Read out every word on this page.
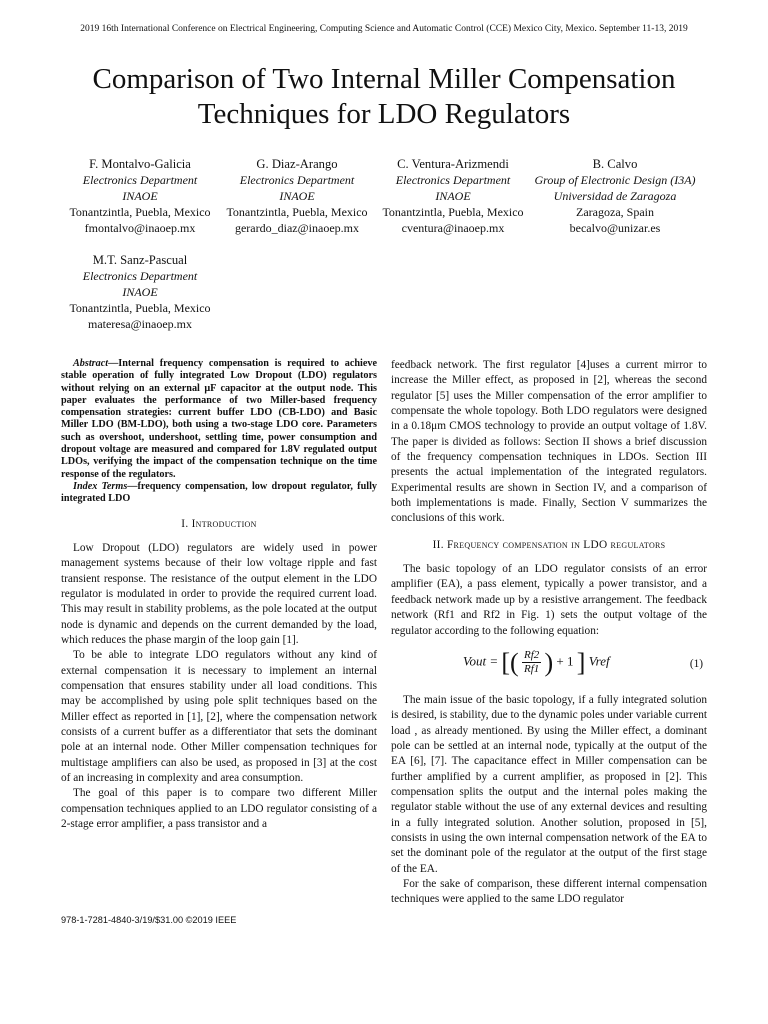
2019 16th International Conference on Electrical Engineering, Computing Science and Automatic Control (CCE) Mexico City, Mexico. September 11-13, 2019
Comparison of Two Internal Miller Compensation
Techniques for LDO Regulators
F. Montalvo-Galicia
Electronics Department
INAOE
Tonantzintla, Puebla, Mexico
fmontalvo@inaoep.mx
G. Diaz-Arango
Electronics Department
INAOE
Tonantzintla, Puebla, Mexico
gerardo_diaz@inaoep.mx
C. Ventura-Arizmendi
Electronics Department
INAOE
Tonantzintla, Puebla, Mexico
cventura@inaoep.mx
B. Calvo
Group of Electronic Design (I3A)
Universidad de Zaragoza
Zaragoza, Spain
becalvo@unizar.es
M.T. Sanz-Pascual
Electronics Department
INAOE
Tonantzintla, Puebla, Mexico
materesa@inaoep.mx

Abstract—Internal frequency compensation is required to achieve stable operation of fully integrated Low Dropout (LDO) regulators without relying on an external μF capacitor at the output node. This paper evaluates the performance of two Miller-based frequency compensation strategies: current buffer LDO (CB-LDO) and Basic Miller LDO (BM-LDO), both using a two-stage LDO core. Parameters such as overshoot, undershoot, settling time, power consumption and dropout voltage are measured and compared for 1.8V regulated output LDOs, verifying the impact of the compensation technique on the time response of the regulators.

Index Terms—frequency compensation, low dropout regulator, fully integrated LDO

I. Introduction

Low Dropout (LDO) regulators are widely used in power management systems because of their low voltage ripple and fast transient response. The resistance of the output element in the LDO regulator is modulated in order to provide the required current load. This may result in stability problems, as the pole located at the output node is dynamic and depends on the current demanded by the load, which reduces the phase margin of the loop gain [1].

To be able to integrate LDO regulators without any kind of external compensation it is necessary to implement an internal compensation that ensures stability under all load conditions. This may be accomplished by using pole split techniques based on the Miller effect as reported in [1], [2], where the compensation network consists of a current buffer as a differentiator that sets the dominant pole at an internal node. Other Miller compensation techniques for multistage amplifiers can also be used, as proposed in [3] at the cost of an increasing in complexity and area consumption.

The goal of this paper is to compare two different Miller compensation techniques applied to an LDO regulator consisting of a 2-stage error amplifier, a pass transistor and a

feedback network. The first regulator [4]uses a current mirror to increase the Miller effect, as proposed in [2], whereas the second regulator [5] uses the Miller compensation of the error amplifier to compensate the whole topology. Both LDO regulators were designed in a 0.18μm CMOS technology to provide an output voltage of 1.8V. The paper is divided as follows: Section II shows a brief discussion of the frequency compensation techniques in LDOs. Section III presents the actual implementation of the integrated regulators. Experimental results are shown in Section IV, and a comparison of both implementations is made. Finally, Section V summarizes the conclusions of this work.

II. Frequency compensation in LDO regulators

The basic topology of an LDO regulator consists of an error amplifier (EA), a pass element, typically a power transistor, and a feedback network made up by a resistive arrangement. The feedback network (Rf1 and Rf2 in Fig. 1) sets the output voltage of the regulator according to the following equation:

Vout = [( $\frac{Rf2}{Rf1}$ ) + 1 ] Vref	(1)

The main issue of the basic topology, if a fully integrated solution is desired, is stability, due to the dynamic poles under variable current load , as already mentioned. By using the Miller effect, a dominant pole can be settled at an internal node, typically at the output of the EA [6], [7]. The capacitance effect in Miller compensation can be further amplified by a current amplifier, as proposed in [2]. This compensation splits the output and the internal poles making the regulator stable without the use of any external devices and resulting in a fully integrated solution. Another solution, proposed in [5], consists in using the own internal compensation network of the EA to set the dominant pole of the regulator at the output of the first stage of the EA.

For the sake of comparison, these different internal compensation techniques were applied to the same LDO regulator

978-1-7281-4840-3/19/$31.00 ©2019 IEEE
